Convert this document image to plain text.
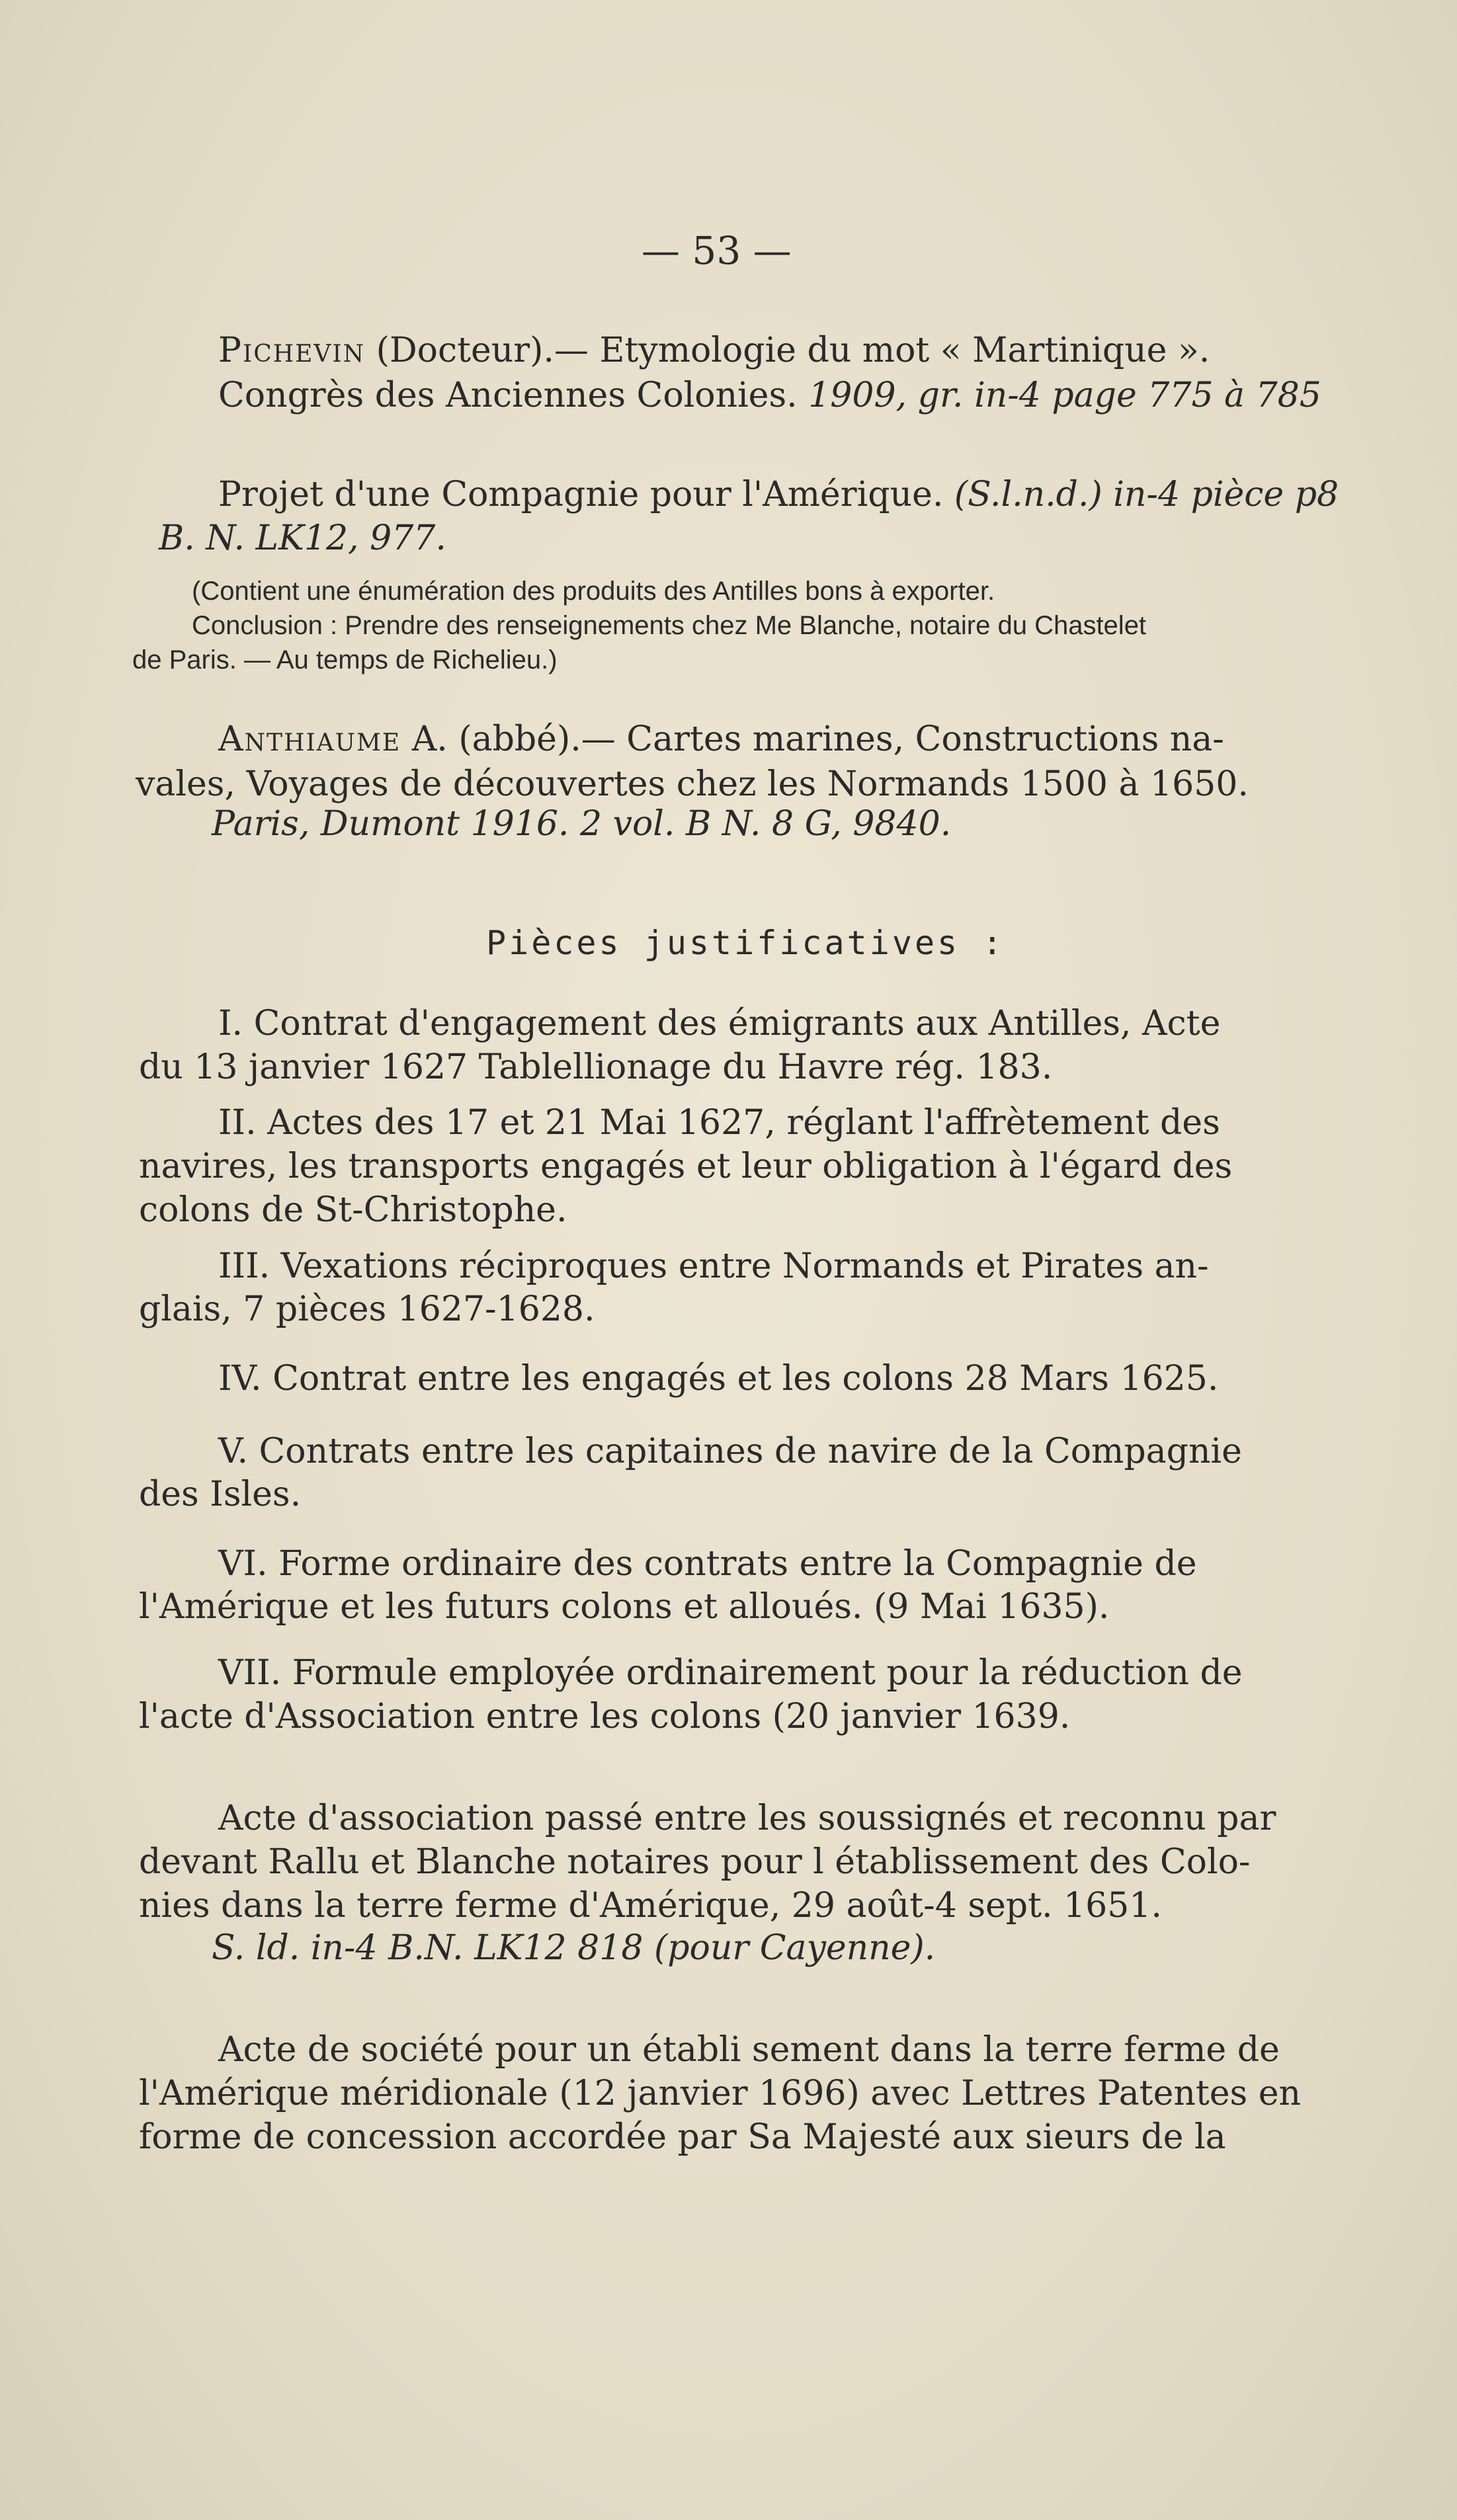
— 53 —
Pichevin (Docteur).— Etymologie du mot « Martinique ».
Congrès des Anciennes Colonies. 1909, gr. in-4 page 775 à 785
Projet d'une Compagnie pour l'Amérique. (S.l.n.d.) in-4 pièce p8
B. N. LK12, 977.
(Contient une énumération des produits des Antilles bons à exporter.
Conclusion : Prendre des renseignements chez Me Blanche, notaire du Chastelet
de Paris. — Au temps de Richelieu.)
Anthiaume A. (abbé).— Cartes marines, Constructions na-
vales, Voyages de découvertes chez les Normands 1500 à 1650.
Paris, Dumont 1916. 2 vol. B N. 8 G, 9840.
Pièces justificatives :
I. Contrat d'engagement des émigrants aux Antilles, Acte
du 13 janvier 1627 Tablellionage du Havre rég. 183.
II. Actes des 17 et 21 Mai 1627, réglant l'affrètement des
navires, les transports engagés et leur obligation à l'égard des
colons de St-Christophe.
III. Vexations réciproques entre Normands et Pirates an-
glais, 7 pièces 1627-1628.
IV. Contrat entre les engagés et les colons 28 Mars 1625.
V. Contrats entre les capitaines de navire de la Compagnie
des Isles.
VI. Forme ordinaire des contrats entre la Compagnie de
l'Amérique et les futurs colons et alloués. (9 Mai 1635).
VII. Formule employée ordinairement pour la réduction de
l'acte d'Association entre les colons (20 janvier 1639.
Acte d'association passé entre les soussignés et reconnu par
devant Rallu et Blanche notaires pour l établissement des Colo-
nies dans la terre ferme d'Amérique, 29 août-4 sept. 1651.
S. ld. in-4 B.N. LK12 818 (pour Cayenne).
Acte de société pour un établi sement dans la terre ferme de
l'Amérique méridionale (12 janvier 1696) avec Lettres Patentes en
forme de concession accordée par Sa Majesté aux sieurs de la
